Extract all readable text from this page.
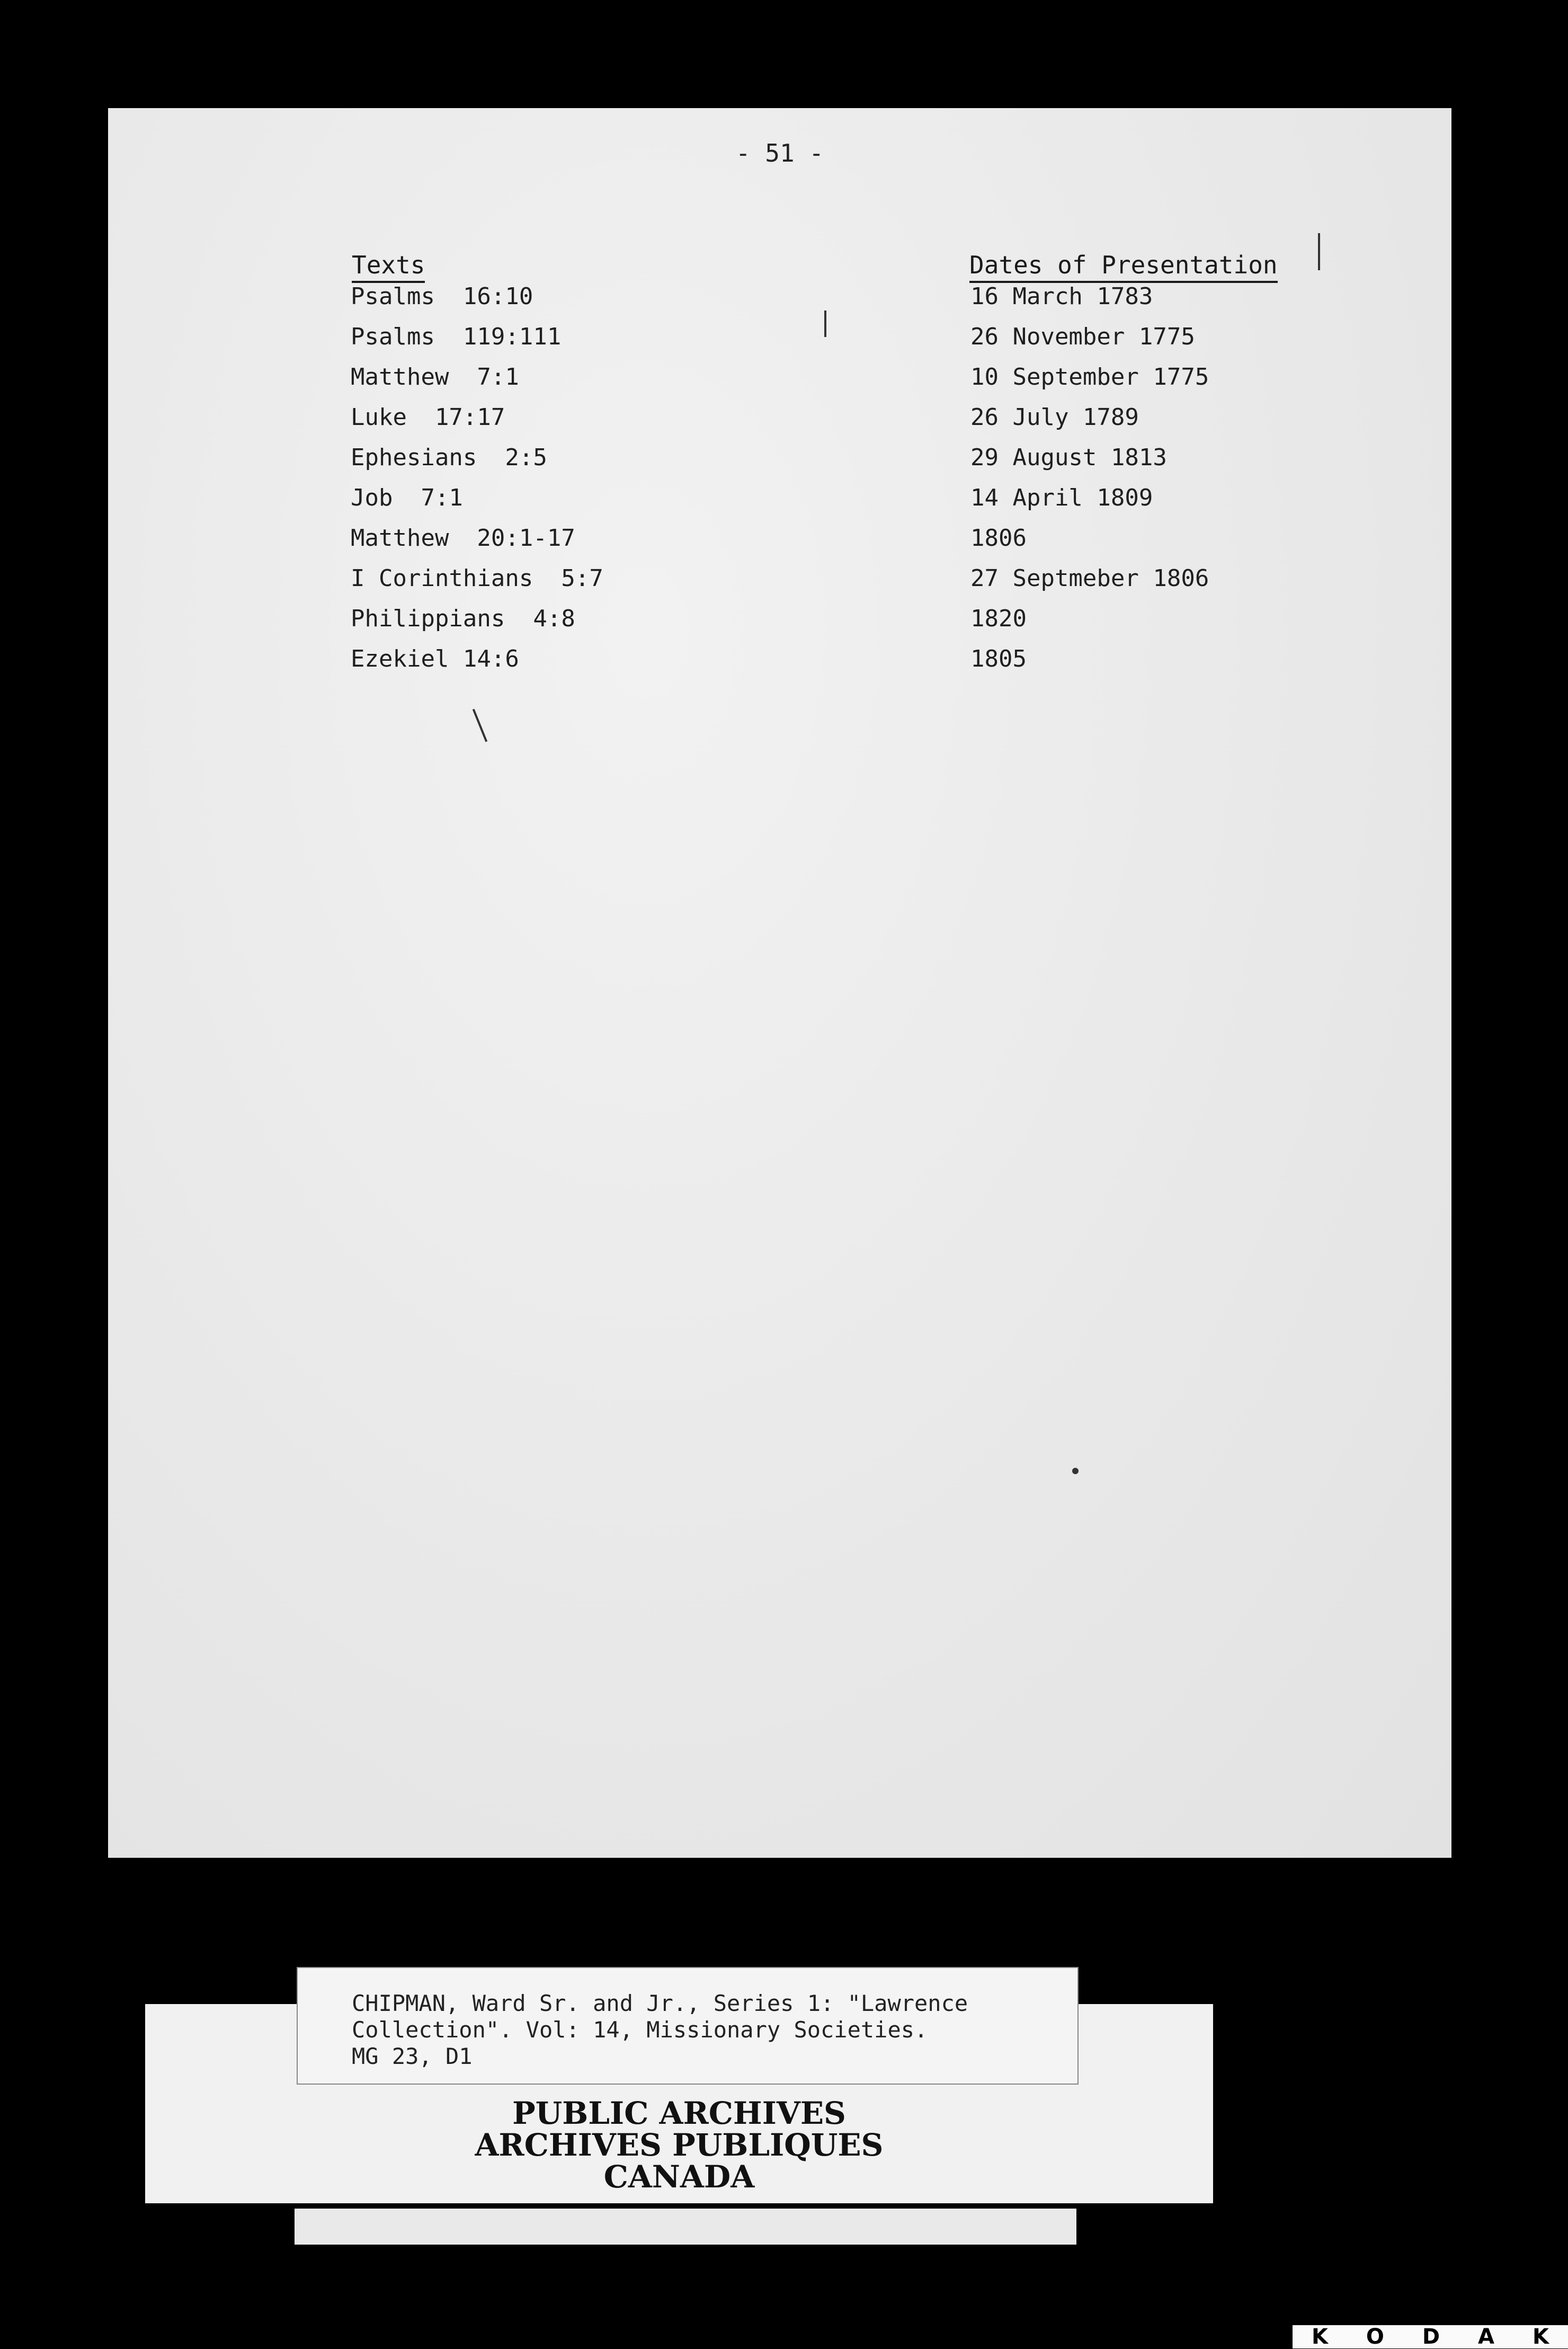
- 51 -
Texts	Dates of Presentation
Psalms  16:10	16 March 1783
Psalms  119:111	26 November 1775
Matthew  7:1	10 September 1775
Luke  17:17	26 July 1789
Ephesians  2:5	29 August 1813
Job  7:1	14 April 1809
Matthew  20:1-17	1806
I Corinthians  5:7	27 Septmeber 1806
Philippians  4:8	1820
Ezekiel 14:6	1805
CHIPMAN, Ward Sr. and Jr., Series 1: "Lawrence
Collection". Vol: 14, Missionary Societies.
MG 23, D1
PUBLIC ARCHIVES
ARCHIVES PUBLIQUES
CANADA
K O D A K
